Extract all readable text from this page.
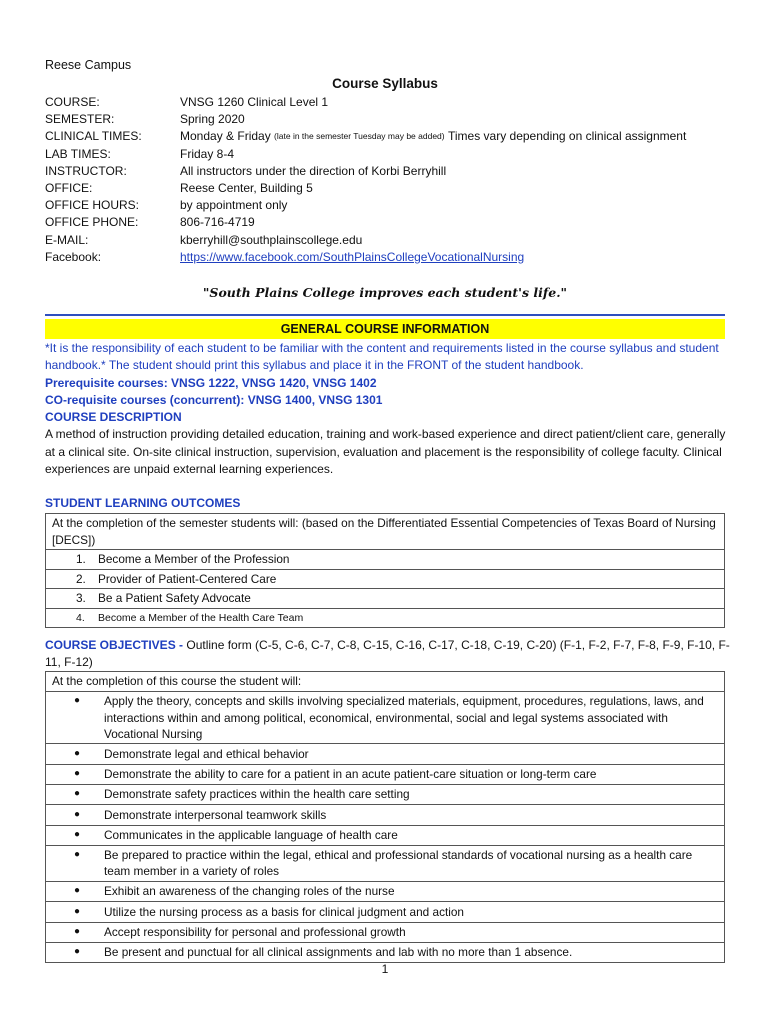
Reese Campus
Course Syllabus
COURSE:	VNSG 1260 Clinical Level 1
SEMESTER:	Spring 2020
CLINICAL TIMES:	Monday & Friday
(late in the semester Tuesday may be added)
Times vary depending on clinical assignment
LAB TIMES:	Friday 8-4
INSTRUCTOR:	All instructors under the direction of Korbi Berryhill
OFFICE:	Reese Center, Building 5
OFFICE HOURS:	by appointment only
OFFICE PHONE:	806-716-4719
E-MAIL:	kberryhill@southplainscollege.edu
Facebook:	https://www.facebook.com/SouthPlainsCollegeVocationalNursing
"South Plains College improves each student's life."
GENERAL COURSE INFORMATION
*It is the responsibility of each student to be familiar with the content and requirements listed in the course syllabus and student handbook.* The student should print this syllabus and place it in the FRONT of the student handbook.
Prerequisite courses: VNSG 1222, VNSG 1420, VNSG 1402
CO-requisite courses (concurrent): VNSG 1400, VNSG 1301
COURSE DESCRIPTION
A method of instruction providing detailed education, training and work-based experience and direct patient/client care, generally at a clinical site. On-site clinical instruction, supervision, evaluation and placement is the responsibility of college faculty. Clinical experiences are unpaid external learning experiences.
STUDENT LEARNING OUTCOMES
At the completion of the semester students will: (based on the Differentiated Essential Competencies of Texas Board of Nursing [DECS])
1. Become a Member of the Profession
2. Provider of Patient-Centered Care
3. Be a Patient Safety Advocate
4. Become a Member of the Health Care Team
COURSE OBJECTIVES - Outline form (C-5, C-6, C-7, C-8, C-15, C-16, C-17, C-18, C-19, C-20) (F-1, F-2, F-7, F-8, F-9, F-10, F-11, F-12)
At the completion of this course the student will:

●	Apply the theory, concepts and skills involving specialized materials, equipment, procedures, regulations, laws, and interactions within and among political, economical, environmental, social and legal systems associated with Vocational Nursing

●	Demonstrate legal and ethical behavior

●	Demonstrate the ability to care for a patient in an acute patient-care situation or long-term care

●	Demonstrate safety practices within the health care setting

●	Demonstrate interpersonal teamwork skills

●	Communicates in the applicable language of health care

●	Be prepared to practice within the legal, ethical and professional standards of vocational nursing as a health care team member in a variety of roles

●	Exhibit an awareness of the changing roles of the nurse

●	Utilize the nursing process as a basis for clinical judgment and action

●	Accept responsibility for personal and professional growth

●	Be present and punctual for all clinical assignments and lab with no more than 1 absence.
1
